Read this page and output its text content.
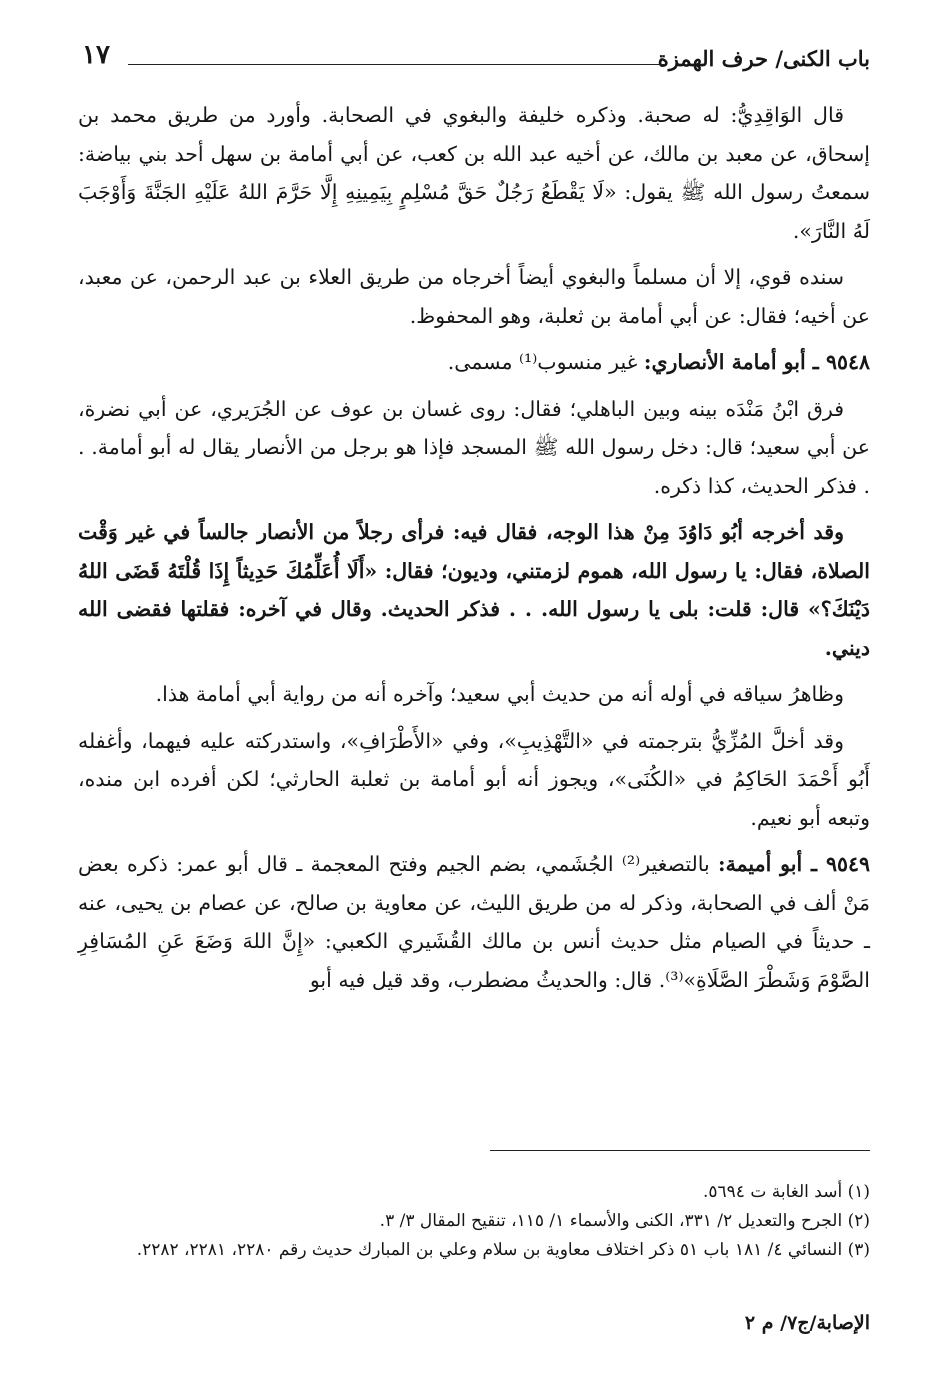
باب الكنى/ حرف الهمزة
١٧

قال الوَاقِدِيُّ: له صحبة. وذكره خليفة والبغوي في الصحابة. وأورد من طريق محمد بن إسحاق، عن معبد بن مالك، عن أخيه عبد الله بن كعب، عن أبي أمامة بن سهل أحد بني بياضة: سمعتُ رسول الله ﷺ يقول: «لَا يَقْطَعُ رَجُلٌ حَقَّ مُسْلِمٍ بِيَمِينِهِ إِلَّا حَرَّمَ اللهُ عَلَيْهِ الجَنَّةَ وَأَوْجَبَ لَهُ النَّارَ».

سنده قوي، إلا أن مسلماً والبغوي أيضاً أخرجاه من طريق العلاء بن عبد الرحمن، عن معبد، عن أخيه؛ فقال: عن أبي أمامة بن ثعلبة، وهو المحفوظ.

٩٥٤٨ ـ أبو أمامة الأنصاري: غير منسوب⁽¹⁾ مسمى.

فرق ابْنُ مَنْدَه بينه وبين الباهلي؛ فقال: روى غسان بن عوف عن الجُرَيري، عن أبي نضرة، عن أبي سعيد؛ قال: دخل رسول الله ﷺ المسجد فإذا هو برجل من الأنصار يقال له أبو أمامة. . . فذكر الحديث، كذا ذكره.

وقد أخرجه أبُو دَاوُدَ مِنْ هذا الوجه، فقال فيه: فرأى رجلاً من الأنصار جالساً في غير وَقْت الصلاة، فقال: يا رسول الله، هموم لزمتني، وديون؛ فقال: «أَلَا أُعَلِّمُكَ حَدِيثاً إِذَا قُلْتَهُ قَضَى اللهُ دَيْنَكَ؟» قال: قلت: بلى يا رسول الله. . . فذكر الحديث. وقال في آخره: فقلتها فقضى الله ديني.

وظاهرُ سياقه في أوله أنه من حديث أبي سعيد؛ وآخره أنه من رواية أبي أمامة هذا.

وقد أخلَّ المُزِّيُّ بترجمته في «التَّهْذِيبِ»، وفي «الأَطْرَافِ»، واستدركته عليه فيهما، وأغفله أَبُو أَحْمَدَ الحَاكِمُ في «الكُنَى»، ويجوز أنه أبو أمامة بن ثعلبة الحارثي؛ لكن أفرده ابن منده، وتبعه أبو نعيم.

٩٥٤٩ ـ أبو أميمة: بالتصغير⁽²⁾ الجُشَمي، بضم الجيم وفتح المعجمة ـ قال أبو عمر: ذكره بعض مَنْ ألف في الصحابة، وذكر له من طريق الليث، عن معاوية بن صالح، عن عصام بن يحيى، عنه ـ حديثاً في الصيام مثل حديث أنس بن مالك القُشَيري الكعبي: «إِنَّ اللهَ وَضَعَ عَنِ المُسَافِرِ الصَّوْمَ وَشَطْرَ الصَّلَاةِ»⁽³⁾. قال: والحديثُ مضطرب، وقد قيل فيه أبو

(١) أسد الغابة ت ٥٦٩٤.
(٢) الجرح والتعديل ٢/ ٣٣١، الكنى والأسماء ١/ ١١٥، تنقيح المقال ٣/ ٣.
(٣) النسائي ٤/ ١٨١ باب ٥١ ذكر اختلاف معاوية بن سلام وعلي بن المبارك حديث رقم ٢٢٨٠، ٢٢٨١، ٢٢٨٢.
الإصابة/ج٧/ م ٢
